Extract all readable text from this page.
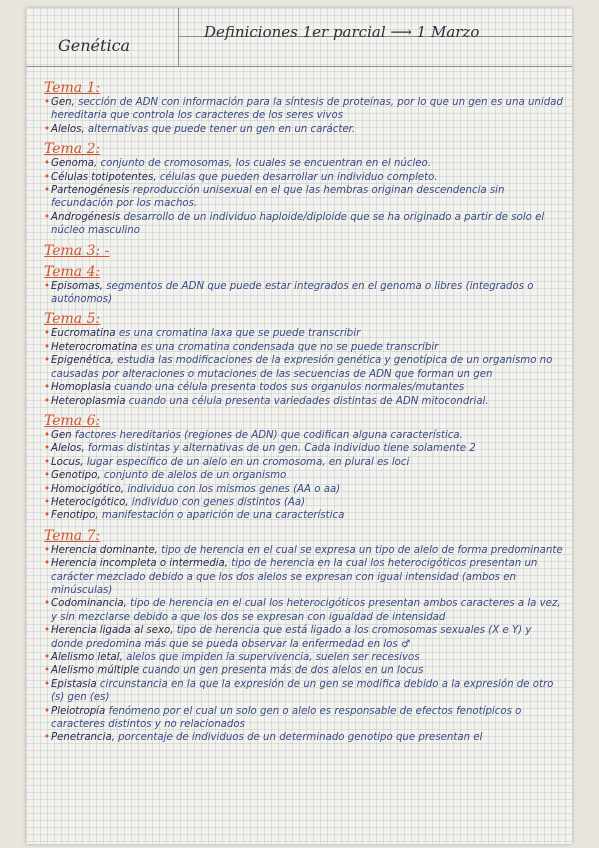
Genética
Definiciones 1er parcial ⟶ 1 Marzo
Tema 1:
• Gen, sección de ADN con información para la síntesis de proteínas, por lo que un gen es una unidad hereditaria que controla los caracteres de los seres vivos
• Alelos, alternativas que puede tener un gen en un carácter.
Tema 2:
• Genoma, conjunto de cromosomas, los cuales se encuentran en el núcleo.
• Células totipotentes, células que pueden desarrollar un individuo completo.
• Partenogénesis reproducción unisexual en el que las hembras originan descendencia sin fecundación por los machos.
• Androgénesis desarrollo de un individuo haploide/diploide que se ha originado a partir de solo el núcleo masculino
Tema 3: -
Tema 4:
• Episomas, segmentos de ADN que puede estar integrados en el genoma o libres (integrados o autónomos)
Tema 5:
• Eucromatina es una cromatina laxa que se puede transcribir
• Heterocromatina es una cromatina condensada que no se puede transcribir
• Epigenética, estudia las modificaciones de la expresión genética y genotípica de un organismo no causadas por alteraciones o mutaciones de las secuencias de ADN que forman un gen
• Homoplasia cuando una célula presenta todos sus organulos normales/mutantes
• Heteroplasmia cuando una célula presenta variedades distintas de ADN mitocondrial.
Tema 6:
• Gen factores hereditarios (regiones de ADN) que codifican alguna característica.
• Alelos, formas distintas y alternativas de un gen. Cada individuo tiene solamente 2
• Locus, lugar específico de un alelo en un cromosoma, en plural es loci
• Genotipo, conjunto de alelos de un organismo
• Homocigótico, individuo con los mismos genes (AA o aa)
• Heterocigótico, individuo con genes distintos (Aa)
• Fenotipo, manifestación o aparición de una característica
Tema 7:
• Herencia dominante, tipo de herencia en el cual se expresa un tipo de alelo de forma predominante
• Herencia incompleta o intermedia, tipo de herencia en la cual los heterocigóticos presentan un carácter mezclado debido a que los dos alelos se expresan con igual intensidad (ambos en minúsculas)
• Codominancia, tipo de herencia en el cual los heterocigóticos presentan ambos caracteres a la vez, y sin mezclarse debido a que los dos se expresan con igualdad de intensidad
• Herencia ligada al sexo, tipo de herencia que está ligado a los cromosomas sexuales (X e Y) y donde predomina más que se pueda observar la enfermedad en los ♂
• Alelismo letal, alelos que impiden la supervivencia, suelen ser recesivos
• Alelismo múltiple cuando un gen presenta más de dos alelos en un locus
• Epistasia circunstancia en la que la expresión de un gen se modifica debido a la expresión de otro (s) gen (es)
• Pleiotropía fenómeno por el cual un solo gen o alelo es responsable de efectos fenotípicos o caracteres distintos y no relacionados
• Penetrancia, porcentaje de individuos de un determinado genotipo que presentan el
